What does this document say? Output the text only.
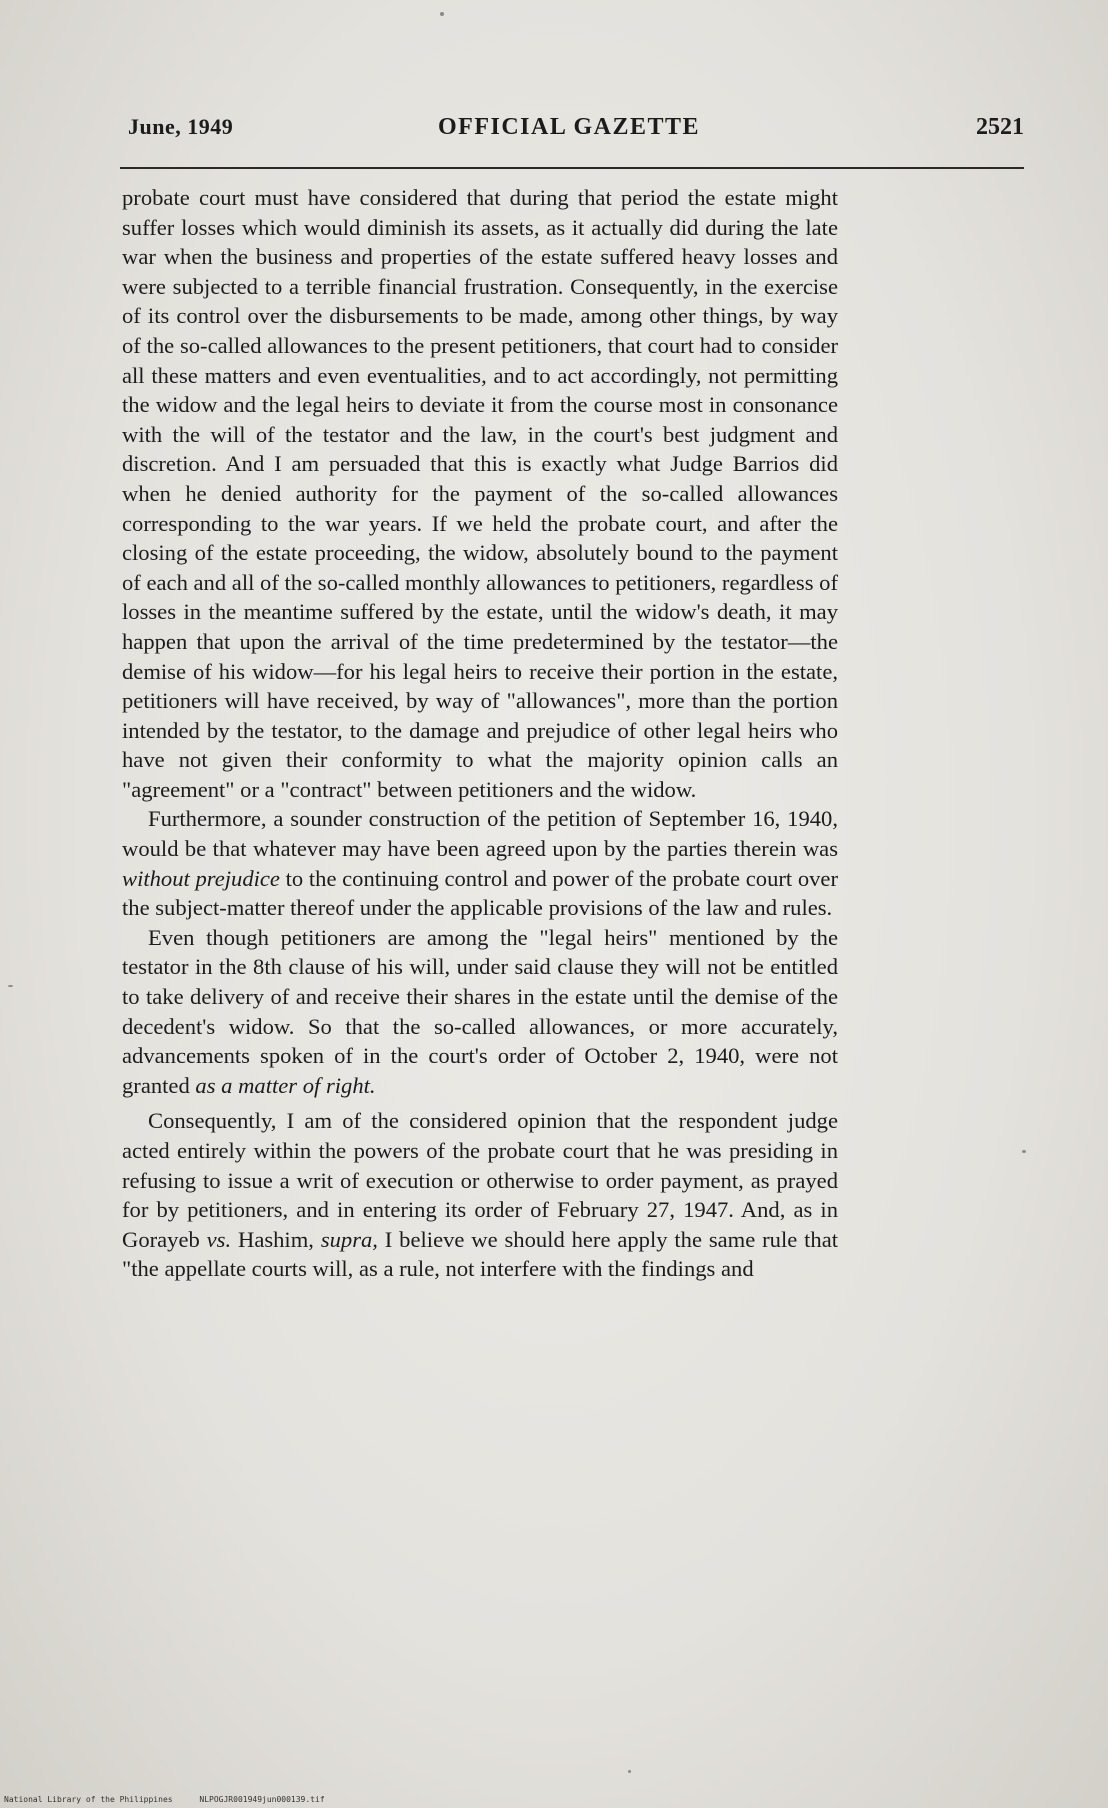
June, 1949	OFFICIAL GAZETTE	2521

probate court must have considered that during that period the estate might suffer losses which would diminish its assets, as it actually did during the late war when the business and properties of the estate suffered heavy losses and were subjected to a terrible financial frustration. Consequently, in the exercise of its control over the disbursements to be made, among other things, by way of the so-called allowances to the present petitioners, that court had to consider all these matters and even eventualities, and to act accordingly, not permitting the widow and the legal heirs to deviate it from the course most in consonance with the will of the testator and the law, in the court's best judgment and discretion. And I am persuaded that this is exactly what Judge Barrios did when he denied authority for the payment of the so-called allowances corresponding to the war years. If we held the probate court, and after the closing of the estate proceeding, the widow, absolutely bound to the payment of each and all of the so-called monthly allowances to petitioners, regardless of losses in the meantime suffered by the estate, until the widow's death, it may happen that upon the arrival of the time predetermined by the testator—the demise of his widow—for his legal heirs to receive their portion in the estate, petitioners will have received, by way of "allowances", more than the portion intended by the testator, to the damage and prejudice of other legal heirs who have not given their conformity to what the majority opinion calls an "agreement" or a "contract" between petitioners and the widow.

Furthermore, a sounder construction of the petition of September 16, 1940, would be that whatever may have been agreed upon by the parties therein was without prejudice to the continuing control and power of the probate court over the subject-matter thereof under the applicable provisions of the law and rules.

Even though petitioners are among the "legal heirs" mentioned by the testator in the 8th clause of his will, under said clause they will not be entitled to take delivery of and receive their shares in the estate until the demise of the decedent's widow. So that the so-called allowances, or more accurately, advancements spoken of in the court's order of October 2, 1940, were not granted as a matter of right.

Consequently, I am of the considered opinion that the respondent judge acted entirely within the powers of the probate court that he was presiding in refusing to issue a writ of execution or otherwise to order payment, as prayed for by petitioners, and in entering its order of February 27, 1947. And, as in Gorayeb vs. Hashim, supra, I believe we should here apply the same rule that "the appellate courts will, as a rule, not interfere with the findings and

National Library of the Philippines	NLPOGJR001949jun000139.tif
